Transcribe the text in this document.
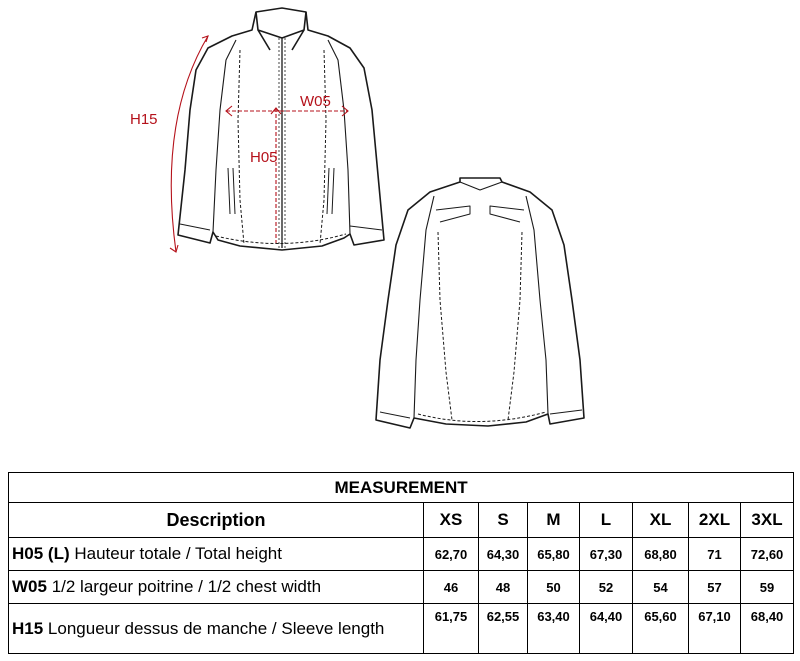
H15
W05
H05
MEASUREMENT							
Description	XS	S	M	L	XL	2XL	3XL
H05 (L) Hauteur totale / Total height	62,70	64,30	65,80	67,30	68,80	71	72,60
W05 1/2 largeur poitrine / 1/2 chest width	46	48	50	52	54	57	59
H15 Longueur dessus de manche / Sleeve length	61,75	62,55	63,40	64,40	65,60	67,10	68,40
